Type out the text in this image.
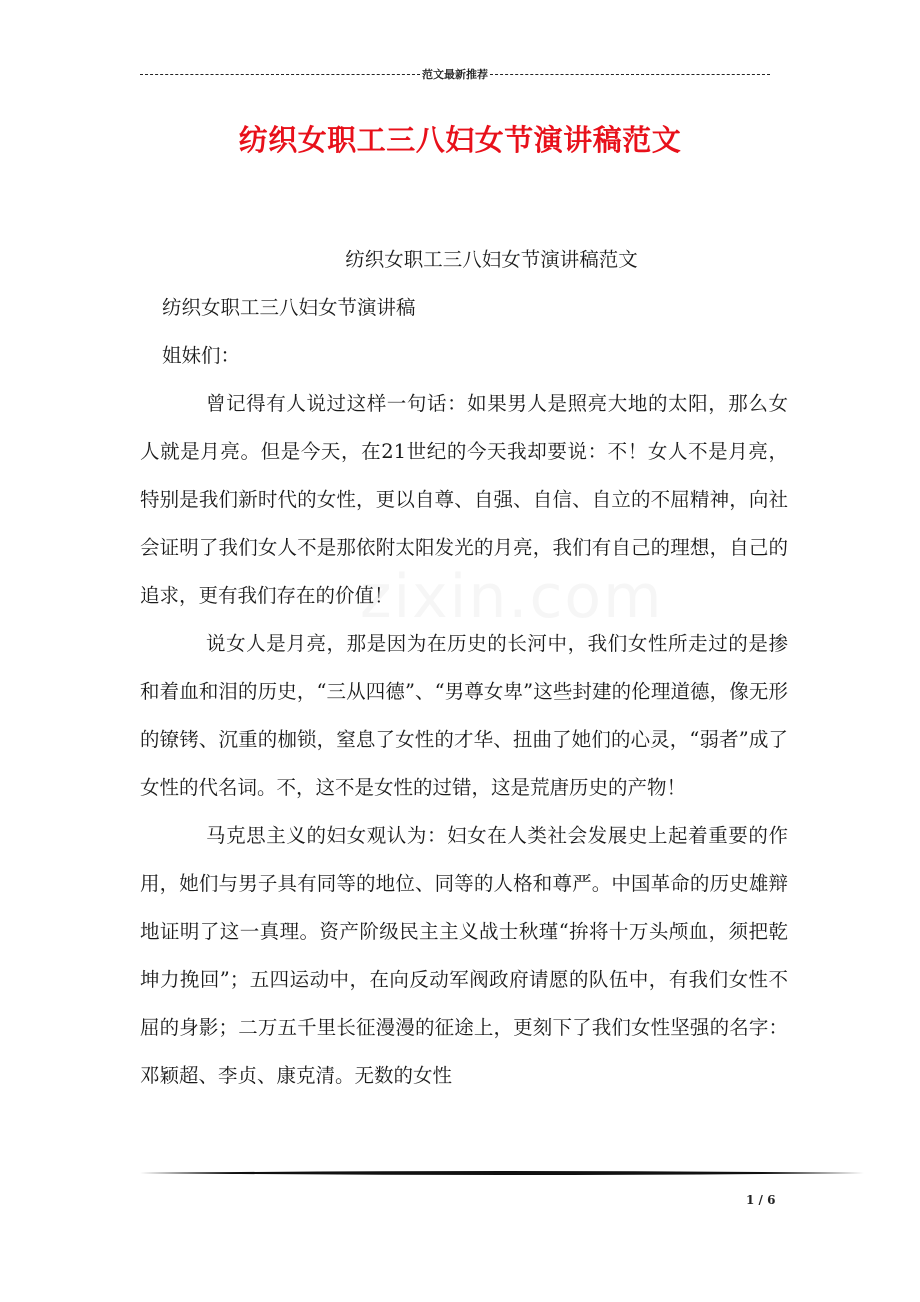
范文最新推荐
纺织女职工三八妇女节演讲稿范文
zixin.com

纺织女职工三八妇女节演讲稿范文

纺织女职工三八妇女节演讲稿

姐妹们：

曾记得有人说过这样一句话：如果男人是照亮大地的太阳，那么女人就是月亮。但是今天，在21世纪的今天我却要说：不！女人不是月亮，特别是我们新时代的女性，更以自尊、自强、自信、自立的不屈精神，向社会证明了我们女人不是那依附太阳发光的月亮，我们有自己的理想，自己的追求，更有我们存在的价值！

说女人是月亮，那是因为在历史的长河中，我们女性所走过的是掺和着血和泪的历史，“三从四德”、“男尊女卑”这些封建的伦理道德，像无形的镣铐、沉重的枷锁，窒息了女性的才华、扭曲了她们的心灵，“弱者”成了女性的代名词。不，这不是女性的过错，这是荒唐历史的产物！

马克思主义的妇女观认为：妇女在人类社会发展史上起着重要的作用，她们与男子具有同等的地位、同等的人格和尊严。中国革命的历史雄辩地证明了这一真理。资产阶级民主主义战士秋瑾“拚将十万头颅血，须把乾坤力挽回”；五四运动中，在向反动军阀政府请愿的队伍中，有我们女性不屈的身影；二万五千里长征漫漫的征途上，更刻下了我们女性坚强的名字：邓颖超、李贞、康克清。无数的女性

1 / 6
